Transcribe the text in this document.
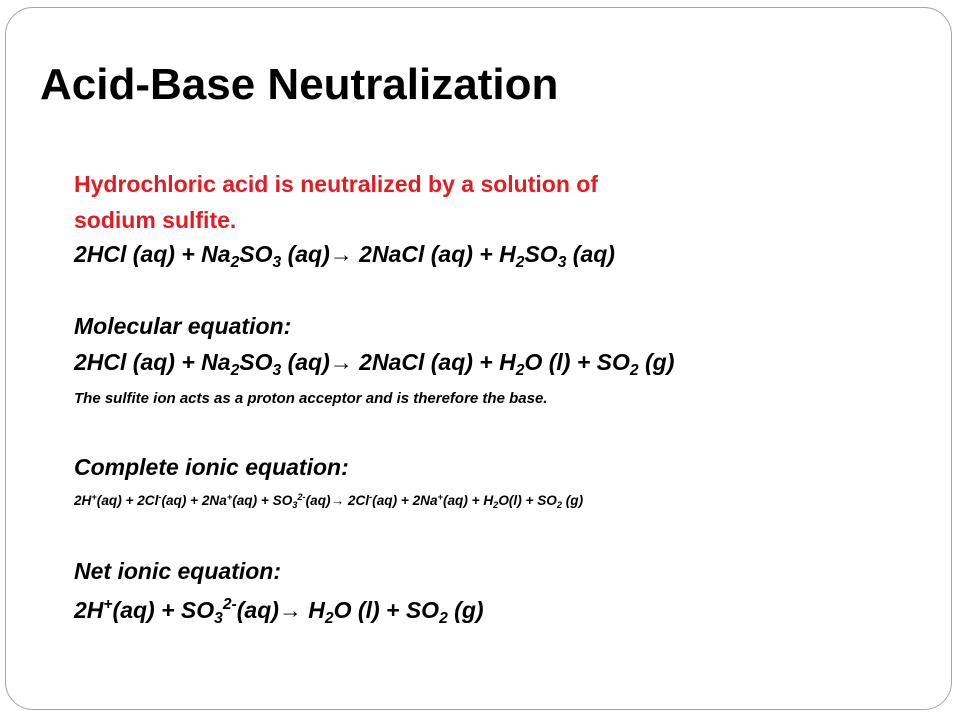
Acid-Base Neutralization

Hydrochloric acid is neutralized by a solution of

sodium sulfite.

2HCl $(aq) + Na_2SO_3$ (aq)→ 2NaCl $(aq) + H_2SO_3$ (aq)

Molecular equation:

2HCl $(aq) + Na_2SO_3$ (aq)→ 2NaCl $(aq) + H_2O$ $(l) + SO_2$ (g)

The sulfite ion acts as a proton acceptor and is therefore the base.

Complete ionic equation:

$2H^+(aq) + 2Cl^-(aq) + 2Na^+(aq) + SO_3^{2-}(aq)\to 2Cl^-(aq) + 2Na^+(aq) + H_2O(l) + SO_2$ (g)

Net ionic equation:

$2H^+(aq) + SO_3^{2-}(aq)\to H_2O$ $(l) + SO_2$ (g)
